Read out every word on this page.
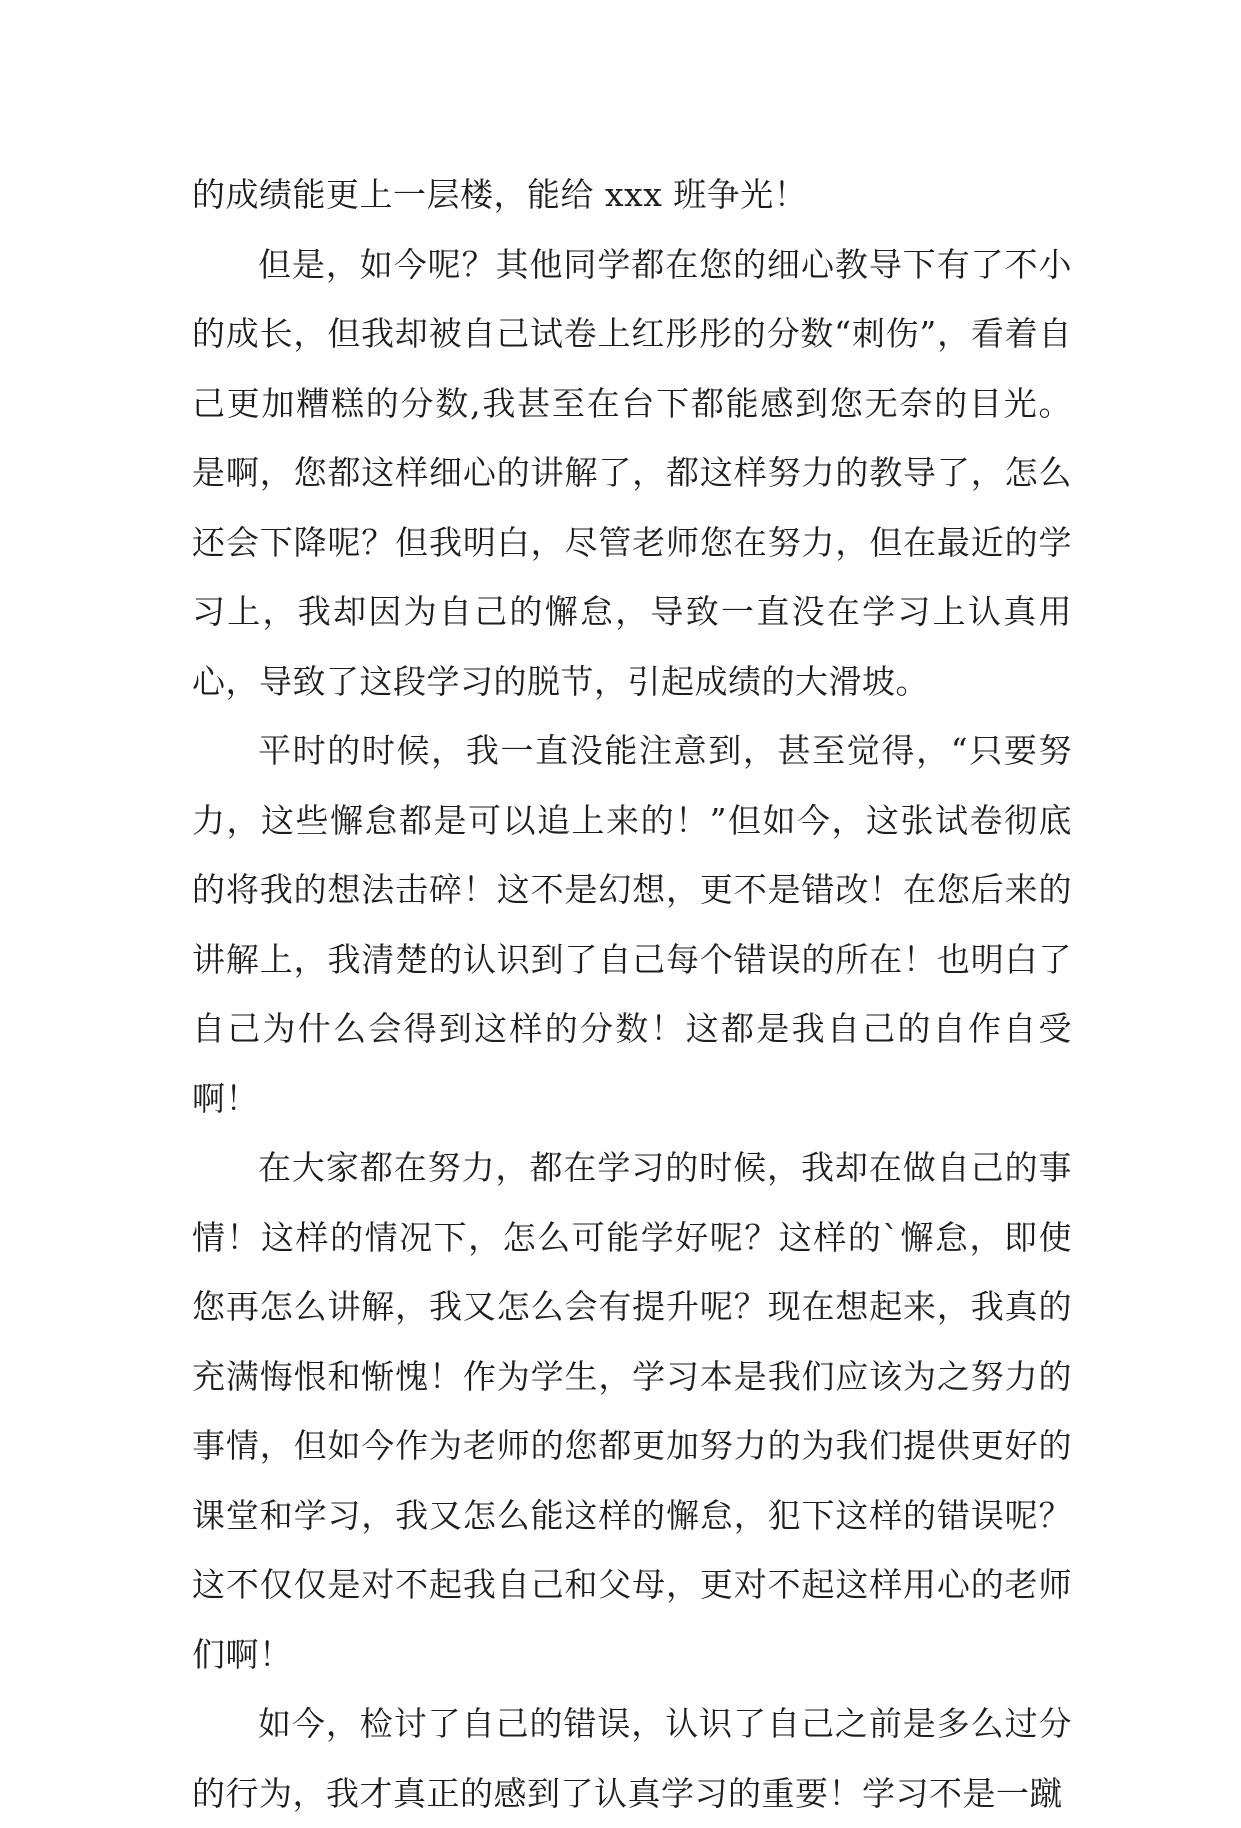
的成绩能更上一层楼，能给 xxx 班争光！

但是，如今呢？其他同学都在您的细心教导下有了不小的成长，但我却被自己试卷上红彤彤的分数“刺伤”，看着自己更加糟糕的分数,我甚至在台下都能感到您无奈的目光。是啊，您都这样细心的讲解了，都这样努力的教导了，怎么还会下降呢？但我明白，尽管老师您在努力，但在最近的学习上，我却因为自己的懈怠，导致一直没在学习上认真用心，导致了这段学习的脱节，引起成绩的大滑坡。

平时的时候，我一直没能注意到，甚至觉得，“只要努力，这些懈怠都是可以追上来的！”但如今，这张试卷彻底的将我的想法击碎！这不是幻想，更不是错改！在您后来的讲解上，我清楚的认识到了自己每个错误的所在！也明白了自己为什么会得到这样的分数！这都是我自己的自作自受啊！

在大家都在努力，都在学习的时候，我却在做自己的事情！这样的情况下，怎么可能学好呢？这样的`懈怠，即使您再怎么讲解，我又怎么会有提升呢？现在想起来，我真的充满悔恨和惭愧！作为学生，学习本是我们应该为之努力的事情，但如今作为老师的您都更加努力的为我们提供更好的课堂和学习，我又怎么能这样的懈怠，犯下这样的错误呢？这不仅仅是对不起我自己和父母，更对不起这样用心的老师们啊！

如今，检讨了自己的错误，认识了自己之前是多么过分的行为，我才真正的感到了认真学习的重要！学习不是一蹴
